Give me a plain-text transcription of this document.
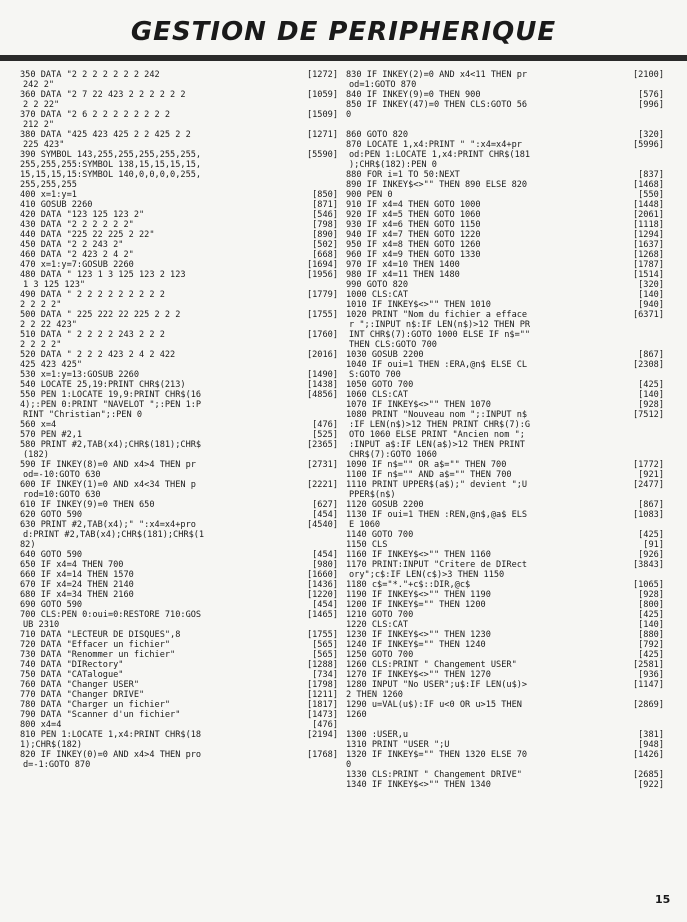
GESTION DE PERIPHERIQUE
350 DATA "2 2 2 2 2 2 2 242	[1272]
242 2"
360 DATA "2 7 22 423 2 2 2 2 2 2	[1059]
2 2 22"
370 DATA "2 6 2 2 2 2 2 2 2 2	[1509]
212 2"
380 DATA "425 423 425 2 2 425 2 2	[1271]
225 423"
390 SYMBOL 143,255,255,255,255,255,	[5590]
255,255,255:SYMBOL 138,15,15,15,15,
15,15,15,15:SYMBOL 140,0,0,0,0,255,
255,255,255
400 x=1:y=1	[850]
410 GOSUB 2260	[871]
420 DATA "123 125 123 2"	[546]
430 DATA "2 2 2 2 2 2"	[798]
440 DATA "225 22 225 2 22"	[890]
450 DATA "2 2 243 2"	[502]
460 DATA "2 423 2 4 2"	[668]
470 x=1:y=7:GOSUB 2260	[1694]
480 DATA " 123 1 3 125 123 2 123	[1956]
1 3 125 123"
490 DATA " 2 2 2 2 2 2 2 2 2	[1779]
2 2 2 2"
500 DATA " 225 222 22 225 2 2 2	[1755]
2 2 22 423"
510 DATA " 2 2 2 2 243 2 2 2	[1760]
2 2 2 2"
520 DATA " 2 2 2 423 2 4 2 422	[2016]
425 423 425"
530 x=1:y=13:GOSUB 2260	[1490]
540 LOCATE 25,19:PRINT CHR$(213)	[1438]
550 PEN 1:LOCATE 19,9:PRINT CHR$(16	[4856]
4);:PEN 0:PRINT "NAVELOT ";:PEN 1:P
RINT "Christian";:PEN 0
560 x=4	[476]
570 PEN #2,1	[525]
580 PRINT #2,TAB(x4);CHR$(181);CHR$	[2365]
(182)
590 IF INKEY(8)=0 AND x4>4 THEN pr	[2731]
od=-10:GOTO 630
600 IF INKEY(1)=0 AND x4<34 THEN p	[2221]
rod=10:GOTO 630
610 IF INKEY(9)=0 THEN 650	[627]
620 GOTO 590	[454]
630 PRINT #2,TAB(x4);" ":x4=x4+pro	[4540]
d:PRINT #2,TAB(x4);CHR$(181);CHR$(1
82)
640 GOTO 590	[454]
650 IF x4=4 THEN 700	[980]
660 IF x4=14 THEN 1570	[1660]
670 IF x4=24 THEN 2140	[1436]
680 IF x4=34 THEN 2160	[1220]
690 GOTO 590	[454]
700 CLS:PEN 0:oui=0:RESTORE 710:GOS	[1465]
UB 2310
710 DATA "LECTEUR DE DISQUES",8	[1755]
720 DATA "Effacer un fichier"	[565]
730 DATA "Renommer un fichier"	[565]
740 DATA "DIRectory"	[1288]
750 DATA "CATalogue"	[734]
760 DATA "Changer USER"	[1798]
770 DATA "Changer DRIVE"	[1211]
780 DATA "Charger un fichier"	[1817]
790 DATA "Scanner d'un fichier"	[1473]
800 x4=4	[476]
810 PEN 1:LOCATE 1,x4:PRINT CHR$(18	[2194]
1);CHR$(182)
820 IF INKEY(0)=0 AND x4>4 THEN pro	[1768]
d=-1:GOTO 870
830 IF INKEY(2)=0 AND x4<11 THEN pr	[2100]
od=1:GOTO 870
840 IF INKEY(9)=0 THEN 900	[576]
850 IF INKEY(47)=0 THEN CLS:GOTO 56	[996]
0
860 GOTO 820	[320]
870 LOCATE 1,x4:PRINT " ":x4=x4+pr	[5996]
od:PEN 1:LOCATE 1,x4:PRINT CHR$(181
);CHR$(182):PEN 0
880 FOR i=1 TO 50:NEXT	[837]
890 IF INKEY$<>"" THEN 890 ELSE 820	[1468]
900 PEN 0	[550]
910 IF x4=4 THEN GOTO 1000	[1448]
920 IF x4=5 THEN GOTO 1060	[2061]
930 IF x4=6 THEN GOTO 1150	[1118]
940 IF x4=7 THEN GOTO 1220	[1294]
950 IF x4=8 THEN GOTO 1260	[1637]
960 IF x4=9 THEN GOTO 1330	[1268]
970 IF x4=10 THEN 1400	[1787]
980 IF x4=11 THEN 1480	[1514]
990 GOTO 820	[320]
1000 CLS:CAT	[140]
1010 IF INKEY$<>"" THEN 1010	[940]
1020 PRINT "Nom du fichier a efface	[6371]
r ";:INPUT n$:IF LEN(n$)>12 THEN PR
INT CHR$(7):GOTO 1000 ELSE IF n$=""
THEN CLS:GOTO 700
1030 GOSUB 2200	[867]
1040 IF oui=1 THEN :ERA,@n$ ELSE CL	[2308]
S:GOTO 700
1050 GOTO 700	[425]
1060 CLS:CAT	[140]
1070 IF INKEY$<>"" THEN 1070	[928]
1080 PRINT "Nouveau nom ";:INPUT n$	[7512]
:IF LEN(n$)>12 THEN PRINT CHR$(7):G
OTO 1060 ELSE PRINT "Ancien nom ";
:INPUT a$:IF LEN(a$)>12 THEN PRINT
CHR$(7):GOTO 1060
1090 IF n$="" OR a$="" THEN 700	[1772]
1100 IF n$="" AND a$="" THEN 700	[921]
1110 PRINT UPPER$(a$);" devient ";U	[2477]
PPER$(n$)
1120 GOSUB 2200	[867]
1130 IF oui=1 THEN :REN,@n$,@a$ ELS	[1083]
E 1060
1140 GOTO 700	[425]
1150 CLS	[91]
1160 IF INKEY$<>"" THEN 1160	[926]
1170 PRINT:INPUT "Critere de DIRect	[3843]
ory";c$:IF LEN(c$)>3 THEN 1150
1180 c$="*."+c$::DIR,@c$	[1065]
1190 IF INKEY$<>"" THEN 1190	[928]
1200 IF INKEY$="" THEN 1200	[800]
1210 GOTO 700	[425]
1220 CLS:CAT	[140]
1230 IF INKEY$<>"" THEN 1230	[880]
1240 IF INKEY$="" THEN 1240	[792]
1250 GOTO 700	[425]
1260 CLS:PRINT " Changement USER"	[2581]
1270 IF INKEY$<>"" THEN 1270	[936]
1280 INPUT "No USER";u$:IF LEN(u$)>	[1147]
2 THEN 1260
1290 u=VAL(u$):IF u<0 OR u>15 THEN	[2869]
1260
1300 :USER,u	[381]
1310 PRINT "USER ";U	[948]
1320 IF INKEY$="" THEN 1320 ELSE 70	[1426]
0
1330 CLS:PRINT " Changement DRIVE"	[2685]
1340 IF INKEY$<>"" THEN 1340	[922]
15
